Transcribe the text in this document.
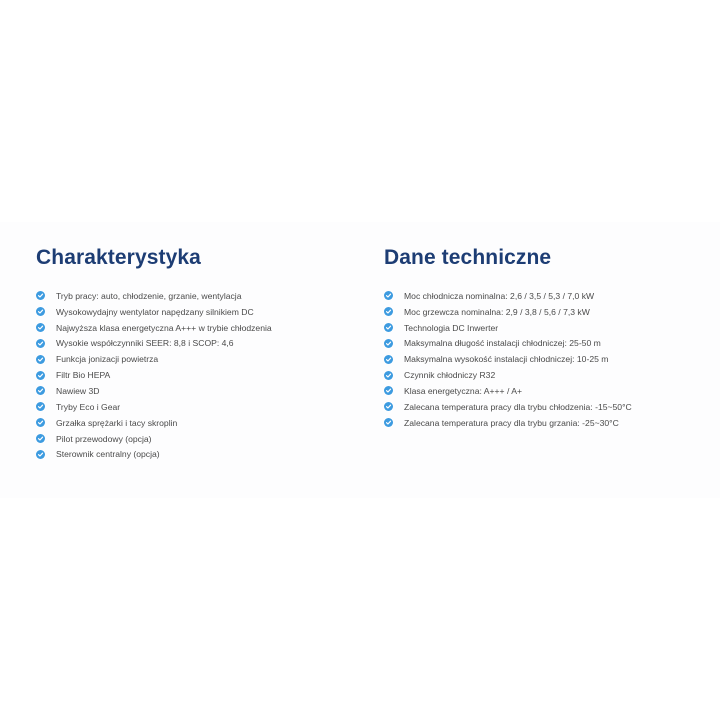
Charakterystyka
Tryb pracy: auto, chłodzenie, grzanie, wentylacja
Wysokowydajny wentylator napędzany silnikiem DC
Najwyższa klasa energetyczna A+++ w trybie chłodzenia
Wysokie współczynniki SEER: 8,8 i SCOP: 4,6
Funkcja jonizacji powietrza
Filtr Bio HEPA
Nawiew 3D
Tryby Eco i Gear
Grzałka sprężarki i tacy skroplin
Pilot przewodowy (opcja)
Sterownik centralny (opcja)
Dane techniczne
Moc chłodnicza nominalna: 2,6 / 3,5 / 5,3 / 7,0 kW
Moc grzewcza nominalna: 2,9 / 3,8 / 5,6 / 7,3 kW
Technologia DC Inwerter
Maksymalna długość instalacji chłodniczej: 25-50 m
Maksymalna wysokość instalacji chłodniczej: 10-25 m
Czynnik chłodniczy R32
Klasa energetyczna: A+++ / A+
Zalecana temperatura pracy dla trybu chłodzenia: -15~50°C
Zalecana temperatura pracy dla trybu grzania: -25~30°C
